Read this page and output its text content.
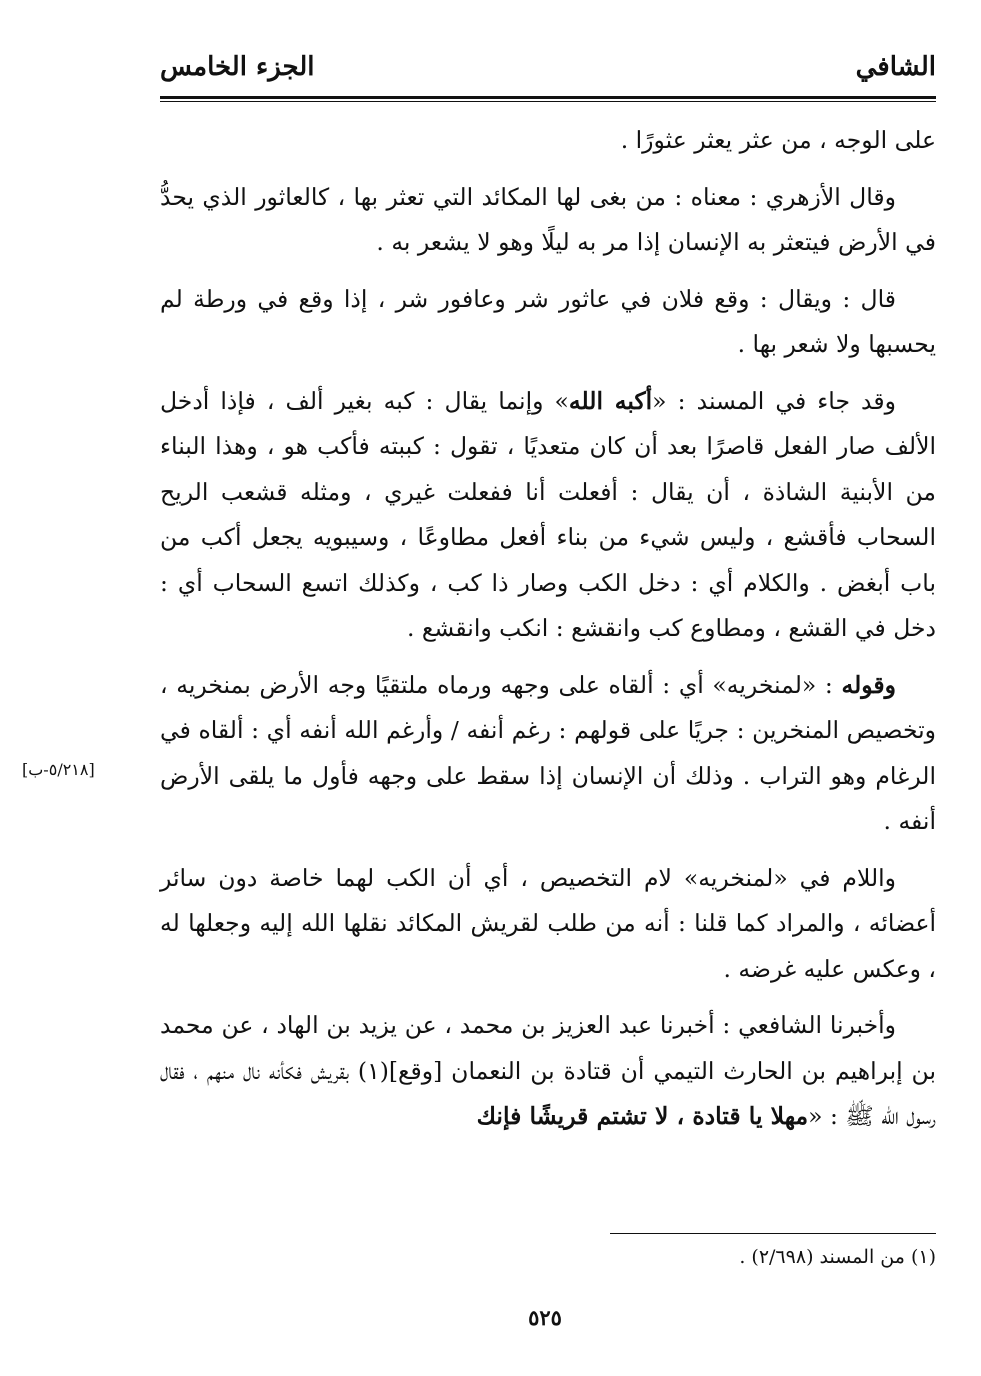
الشافي
الجزء الخامس

على الوجه ، من عثر يعثر عثورًا .

وقال الأزهري : معناه : من بغى لها المكائد التي تعثر بها ، كالعاثور الذي يحدُّ في الأرض فيتعثر به الإنسان إذا مر به ليلًا وهو لا يشعر به .

قال : ويقال : وقع فلان في عاثور شر وعافور شر ، إذا وقع في ورطة لم يحسبها ولا شعر بها .

وقد جاء في المسند : «أكبه الله» وإنما يقال : كبه بغير ألف ، فإذا أدخل الألف صار الفعل قاصرًا بعد أن كان متعديًا ، تقول : كببته فأكب هو ، وهذا البناء من الأبنية الشاذة ، أن يقال : أفعلت أنا ففعلت غيري ، ومثله قشعب الريح السحاب فأقشع ، وليس شيء من بناء أفعل مطاوعًا ، وسيبويه يجعل أكب من باب أبغض . والكلام أي : دخل الكب وصار ذا كب ، وكذلك اتسع السحاب أي : دخل في القشع ، ومطاوع كب وانقشع : انكب وانقشع .

وقوله : «لمنخريه» أي : ألقاه على وجهه ورماه ملتقيًا وجه الأرض بمنخريه ، وتخصيص المنخرين : جريًا على قولهم : رغم أنفه / وأرغم الله أنفه أي : ألقاه في الرغام وهو التراب . وذلك أن الإنسان إذا سقط على وجهه فأول ما يلقى الأرض أنفه .

واللام في «لمنخريه» لام التخصيص ، أي أن الكب لهما خاصة دون سائر أعضائه ، والمراد كما قلنا : أنه من طلب لقريش المكائد نقلها الله إليه وجعلها له ، وعكس عليه غرضه .

وأخبرنا الشافعي : أخبرنا عبد العزيز بن محمد ، عن يزيد بن الهاد ، عن محمد بن إبراهيم بن الحارث التيمي أن قتادة بن النعمان [وقع](١) بقريش فكأنه نال منهم ، فقال رسول الله ﷺ : «مهلا يا قتادة ، لا تشتم قريشًا فإنك

[٥/٢١٨-ب]
(١) من المسند (٢/٦٩٨) .
٥٢٥
